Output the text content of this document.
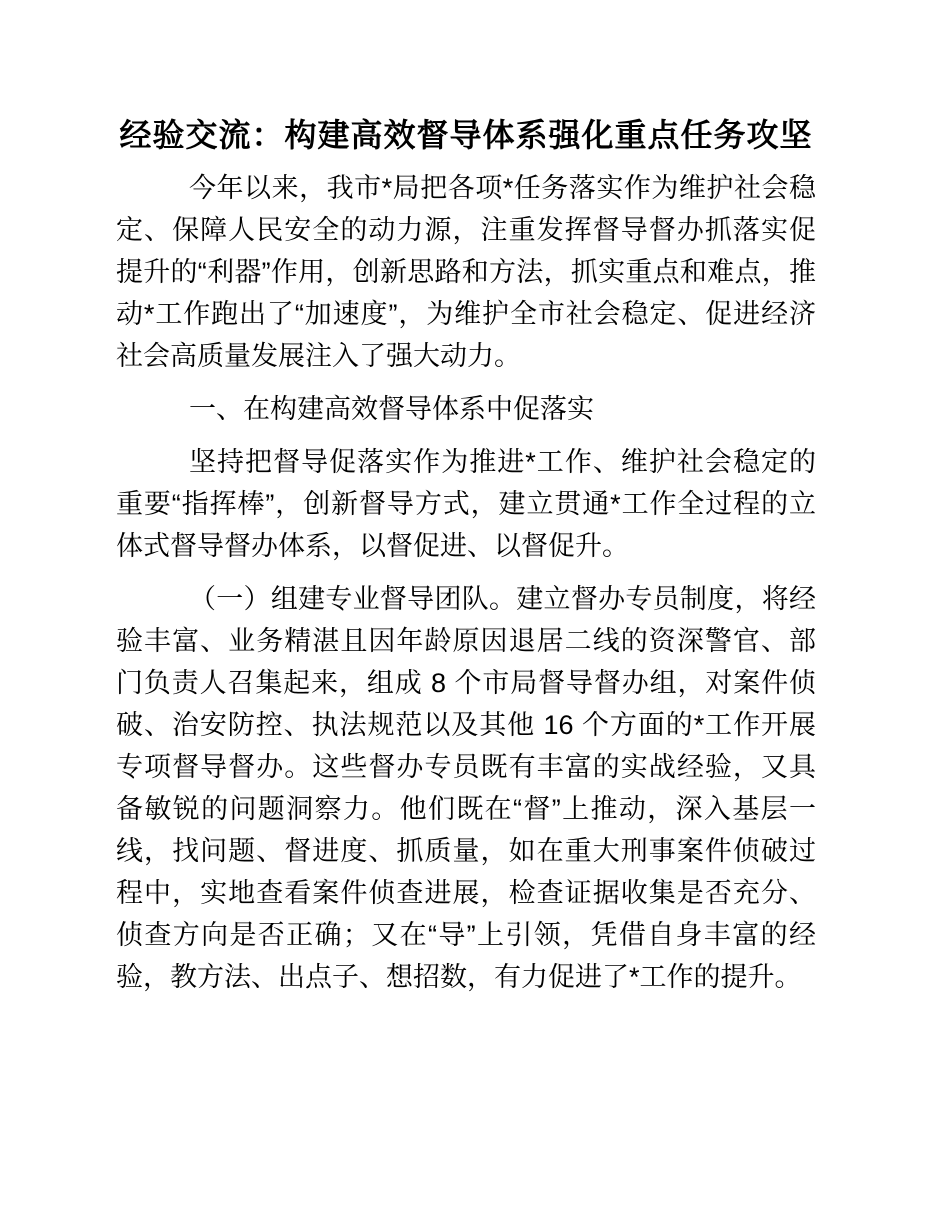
经验交流：构建高效督导体系强化重点任务攻坚

今年以来，我市*局把各项*任务落实作为维护社会稳定、保障人民安全的动力源，注重发挥督导督办抓落实促提升的“利器”作用，创新思路和方法，抓实重点和难点，推动*工作跑出了“加速度”，为维护全市社会稳定、促进经济社会高质量发展注入了强大动力。

一、在构建高效督导体系中促落实

坚持把督导促落实作为推进*工作、维护社会稳定的重要“指挥棒”，创新督导方式，建立贯通*工作全过程的立体式督导督办体系，以督促进、以督促升。

（一）组建专业督导团队。建立督办专员制度，将经验丰富、业务精湛且因年龄原因退居二线的资深警官、部门负责人召集起来，组成 8 个市局督导督办组，对案件侦破、治安防控、执法规范以及其他 16 个方面的*工作开展专项督导督办。这些督办专员既有丰富的实战经验，又具备敏锐的问题洞察力。他们既在“督”上推动，深入基层一线，找问题、督进度、抓质量，如在重大刑事案件侦破过程中，实地查看案件侦查进展，检查证据收集是否充分、侦查方向是否正确；又在“导”上引领，凭借自身丰富的经验，教方法、出点子、想招数，有力促进了*工作的提升。
